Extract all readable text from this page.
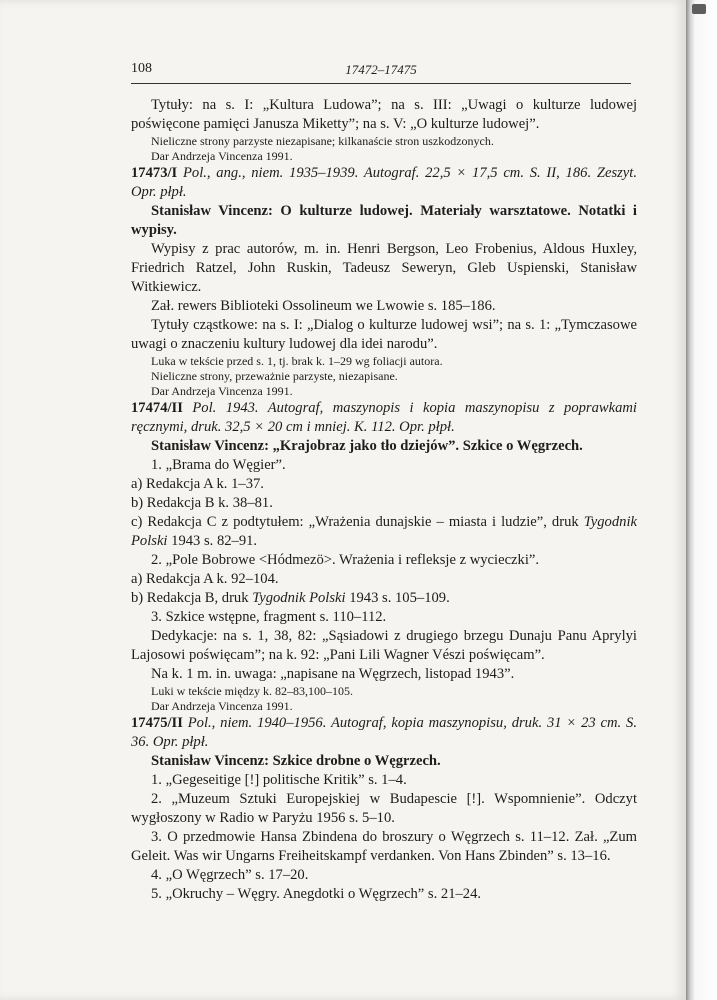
108	17472–17475

Tytuły: na s. I: „Kultura Ludowa”; na s. III: „Uwagi o kulturze ludowej poświęcone pamięci Janusza Miketty”; na s. V: „O kulturze ludowej”.

Nieliczne strony parzyste niezapisane; kilkanaście stron uszkodzonych.

Dar Andrzeja Vincenza 1991.

17473/I Pol., ang., niem. 1935–1939. Autograf. 22,5 × 17,5 cm. S. II, 186. Zeszyt. Opr. płpł.

Stanisław Vincenz: O kulturze ludowej. Materiały warsztatowe. Notatki i wypisy.

Wypisy z prac autorów, m. in. Henri Bergson, Leo Frobenius, Aldous Huxley, Friedrich Ratzel, John Ruskin, Tadeusz Seweryn, Gleb Uspienski, Stanisław Witkiewicz.

Zał. rewers Biblioteki Ossolineum we Lwowie s. 185–186.

Tytuły cząstkowe: na s. I: „Dialog o kulturze ludowej wsi”; na s. 1: „Tymczasowe uwagi o znaczeniu kultury ludowej dla idei narodu”.

Luka w tekście przed s. 1, tj. brak k. 1–29 wg foliacji autora.

Nieliczne strony, przeważnie parzyste, niezapisane.

Dar Andrzeja Vincenza 1991.

17474/II Pol. 1943. Autograf, maszynopis i kopia maszynopisu z poprawkami ręcznymi, druk. 32,5 × 20 cm i mniej. K. 112. Opr. płpł.

Stanisław Vincenz: „Krajobraz jako tło dziejów”. Szkice o Węgrzech.

1. „Brama do Węgier”.

a) Redakcja A k. 1–37.

b) Redakcja B k. 38–81.

c) Redakcja C z podtytułem: „Wrażenia dunajskie – miasta i ludzie”, druk Tygodnik Polski 1943 s. 82–91.

2. „Pole Bobrowe <Hódmezö>. Wrażenia i refleksje z wycieczki”.

a) Redakcja A k. 92–104.

b) Redakcja B, druk Tygodnik Polski 1943 s. 105–109.

3. Szkice wstępne, fragment s. 110–112.

Dedykacje: na s. 1, 38, 82: „Sąsiadowi z drugiego brzegu Dunaju Panu Aprylyi Lajosowi poświęcam”; na k. 92: „Pani Lili Wagner Vészi poświęcam”.

Na k. 1 m. in. uwaga: „napisane na Węgrzech, listopad 1943”.

Luki w tekście między k. 82–83,100–105.

Dar Andrzeja Vincenza 1991.

17475/II Pol., niem. 1940–1956. Autograf, kopia maszynopisu, druk. 31 × 23 cm. S. 36. Opr. płpł.

Stanisław Vincenz: Szkice drobne o Węgrzech.

1. „Gegeseitige [!] politische Kritik” s. 1–4.

2. „Muzeum Sztuki Europejskiej w Budapescie [!]. Wspomnienie”. Odczyt wygłoszony w Radio w Paryżu 1956 s. 5–10.

3. O przedmowie Hansa Zbindena do broszury o Węgrzech s. 11–12. Zał. „Zum Geleit. Was wir Ungarns Freiheitskampf verdanken. Von Hans Zbinden” s. 13–16.

4. „O Węgrzech” s. 17–20.

5. „Okruchy – Węgry. Anegdotki o Węgrzech” s. 21–24.
